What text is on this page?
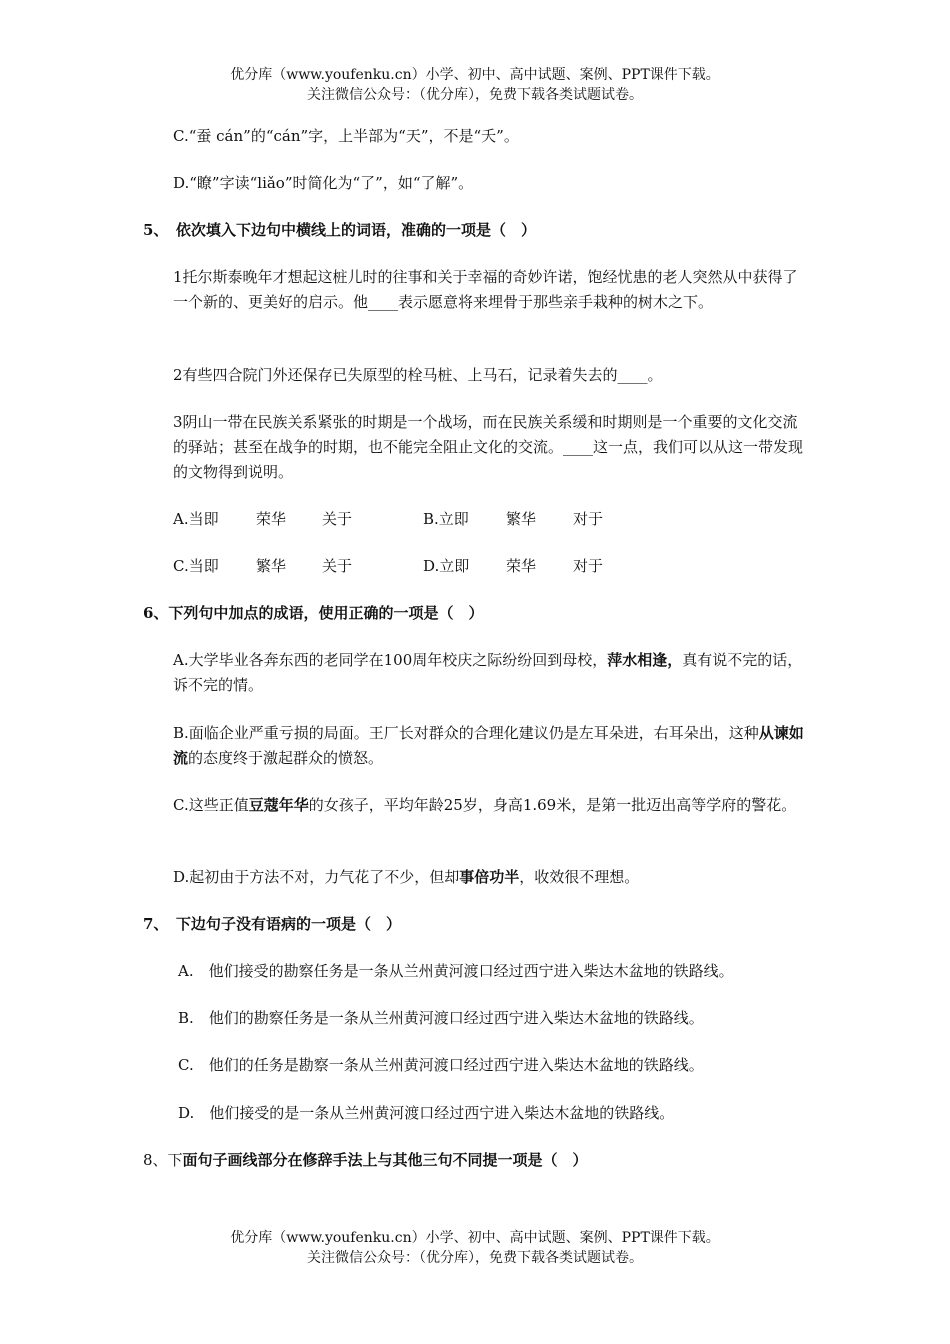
优分库（www.youfenku.cn）小学、初中、高中试题、案例、PPT课件下载。
关注微信公众号：（优分库），免费下载各类试题试卷。
C.“蚕 cán”的“cán”字，上半部为“天”，不是“夭”。
D.“瞭”字读“liǎo”时简化为“了”，如“了解”。
5、　依次填入下边句中横线上的词语，准确的一项是（　）
1托尔斯泰晚年才想起这桩儿时的往事和关于幸福的奇妙许诺，饱经忧患的老人突然从中获得了一个新的、更美好的启示。他____表示愿意将来埋骨于那些亲手栽种的树木之下。
2有些四合院门外还保存已失原型的栓马桩、上马石，记录着失去的____。
3阴山一带在民族关系紧张的时期是一个战场，而在民族关系缓和时期则是一个重要的文化交流的驿站；甚至在战争的时期，也不能完全阻止文化的交流。____这一点，我们可以从这一带发现的文物得到说明。
A.当即 荣华 关于	B.立即 繁华 对于
C.当即 繁华 关于	D.立即 荣华 对于
6、下列句中加点的成语，使用正确的一项是（　）
A.大学毕业各奔东西的老同学在100周年校庆之际纷纷回到母校，萍水相逢，真有说不完的话，诉不完的情。
B.面临企业严重亏损的局面。王厂长对群众的合理化建议仍是左耳朵进，右耳朵出，这种从谏如流的态度终于激起群众的愤怒。
C.这些正值豆蔻年华的女孩子，平均年龄25岁，身高1.69米，是第一批迈出高等学府的警花。
D.起初由于方法不对，力气花了不少，但却事倍功半，收效很不理想。
7、　下边句子没有语病的一项是（　）
A.　他们接受的勘察任务是一条从兰州黄河渡口经过西宁进入柴达木盆地的铁路线。
B.　他们的勘察任务是一条从兰州黄河渡口经过西宁进入柴达木盆地的铁路线。
C.　他们的任务是勘察一条从兰州黄河渡口经过西宁进入柴达木盆地的铁路线。
D.　他们接受的是一条从兰州黄河渡口经过西宁进入柴达木盆地的铁路线。
8、下面句子画线部分在修辞手法上与其他三句不同提一项是（　）
优分库（www.youfenku.cn）小学、初中、高中试题、案例、PPT课件下载。
关注微信公众号：（优分库），免费下载各类试题试卷。
